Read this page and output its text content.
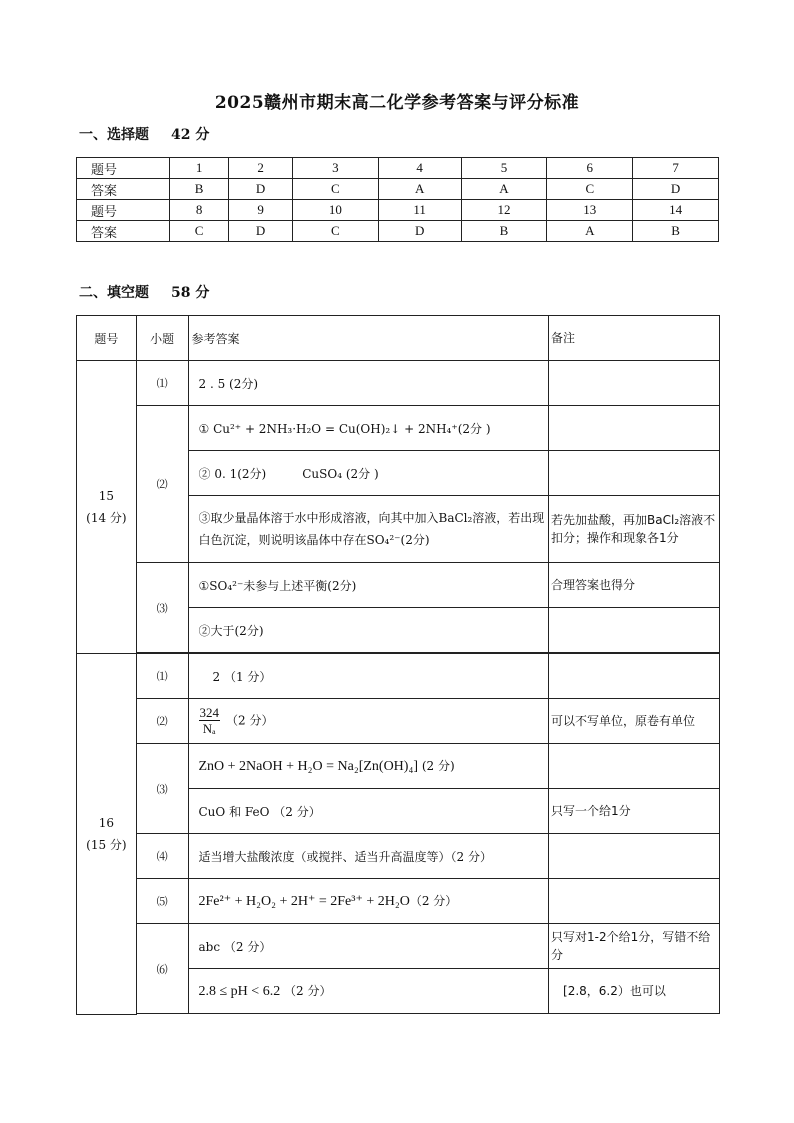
2025赣州市期末高二化学参考答案与评分标准
一、选择题 42 分
题号	1	2	3	4	5	6	7
答案	B	D	C	A	A	C	D
题号	8	9	10	11	12	13	14
答案	C	D	C	D	B	A	B
二、填空题 58 分
题号	小题	参考答案	备注

15
(14 分)	⑴	2 . 5 (2分)	
	⑵	① Cu²⁺ + 2NH₃·H₂O = Cu(OH)₂↓ + 2NH₄⁺(2分 )	
		② 0. 1(2分) CuSO₄ (2分 )	
		③取少量晶体溶于水中形成溶液，向其中加入BaCl₂溶液，若出现白色沉淀，则说明该晶体中存在SO₄²⁻(2分)	若先加盐酸，再加BaCl₂溶液不扣分；操作和现象各1分
	⑶	①SO₄²⁻未参与上述平衡(2分)	合理答案也得分
		②大于(2分)	

16
(15 分)	⑴	2 （1 分）	
	⑵	$\frac{324}{\text{Nₐ}} (2$ 分）	可以不写单位，原卷有单位
	⑶	ZnO + 2NaOH + H₂O = Na₂[Zn(OH)₄] (2 分)	
		CuO 和 FeO （2 分）	只写一个给1分
	⑷	适当增大盐酸浓度（或搅拌、适当升高温度等）（2 分）	
	⑸	2Fe²⁺ + H₂O₂ + 2H⁺ = 2Fe³⁺ + 2H₂O（2 分）	
	⑹	abc （2 分）	只写对1-2个给1分，写错不给分
		2.8 ≤ pH < 6.2 （2 分）	[2.8，6.2）也可以
